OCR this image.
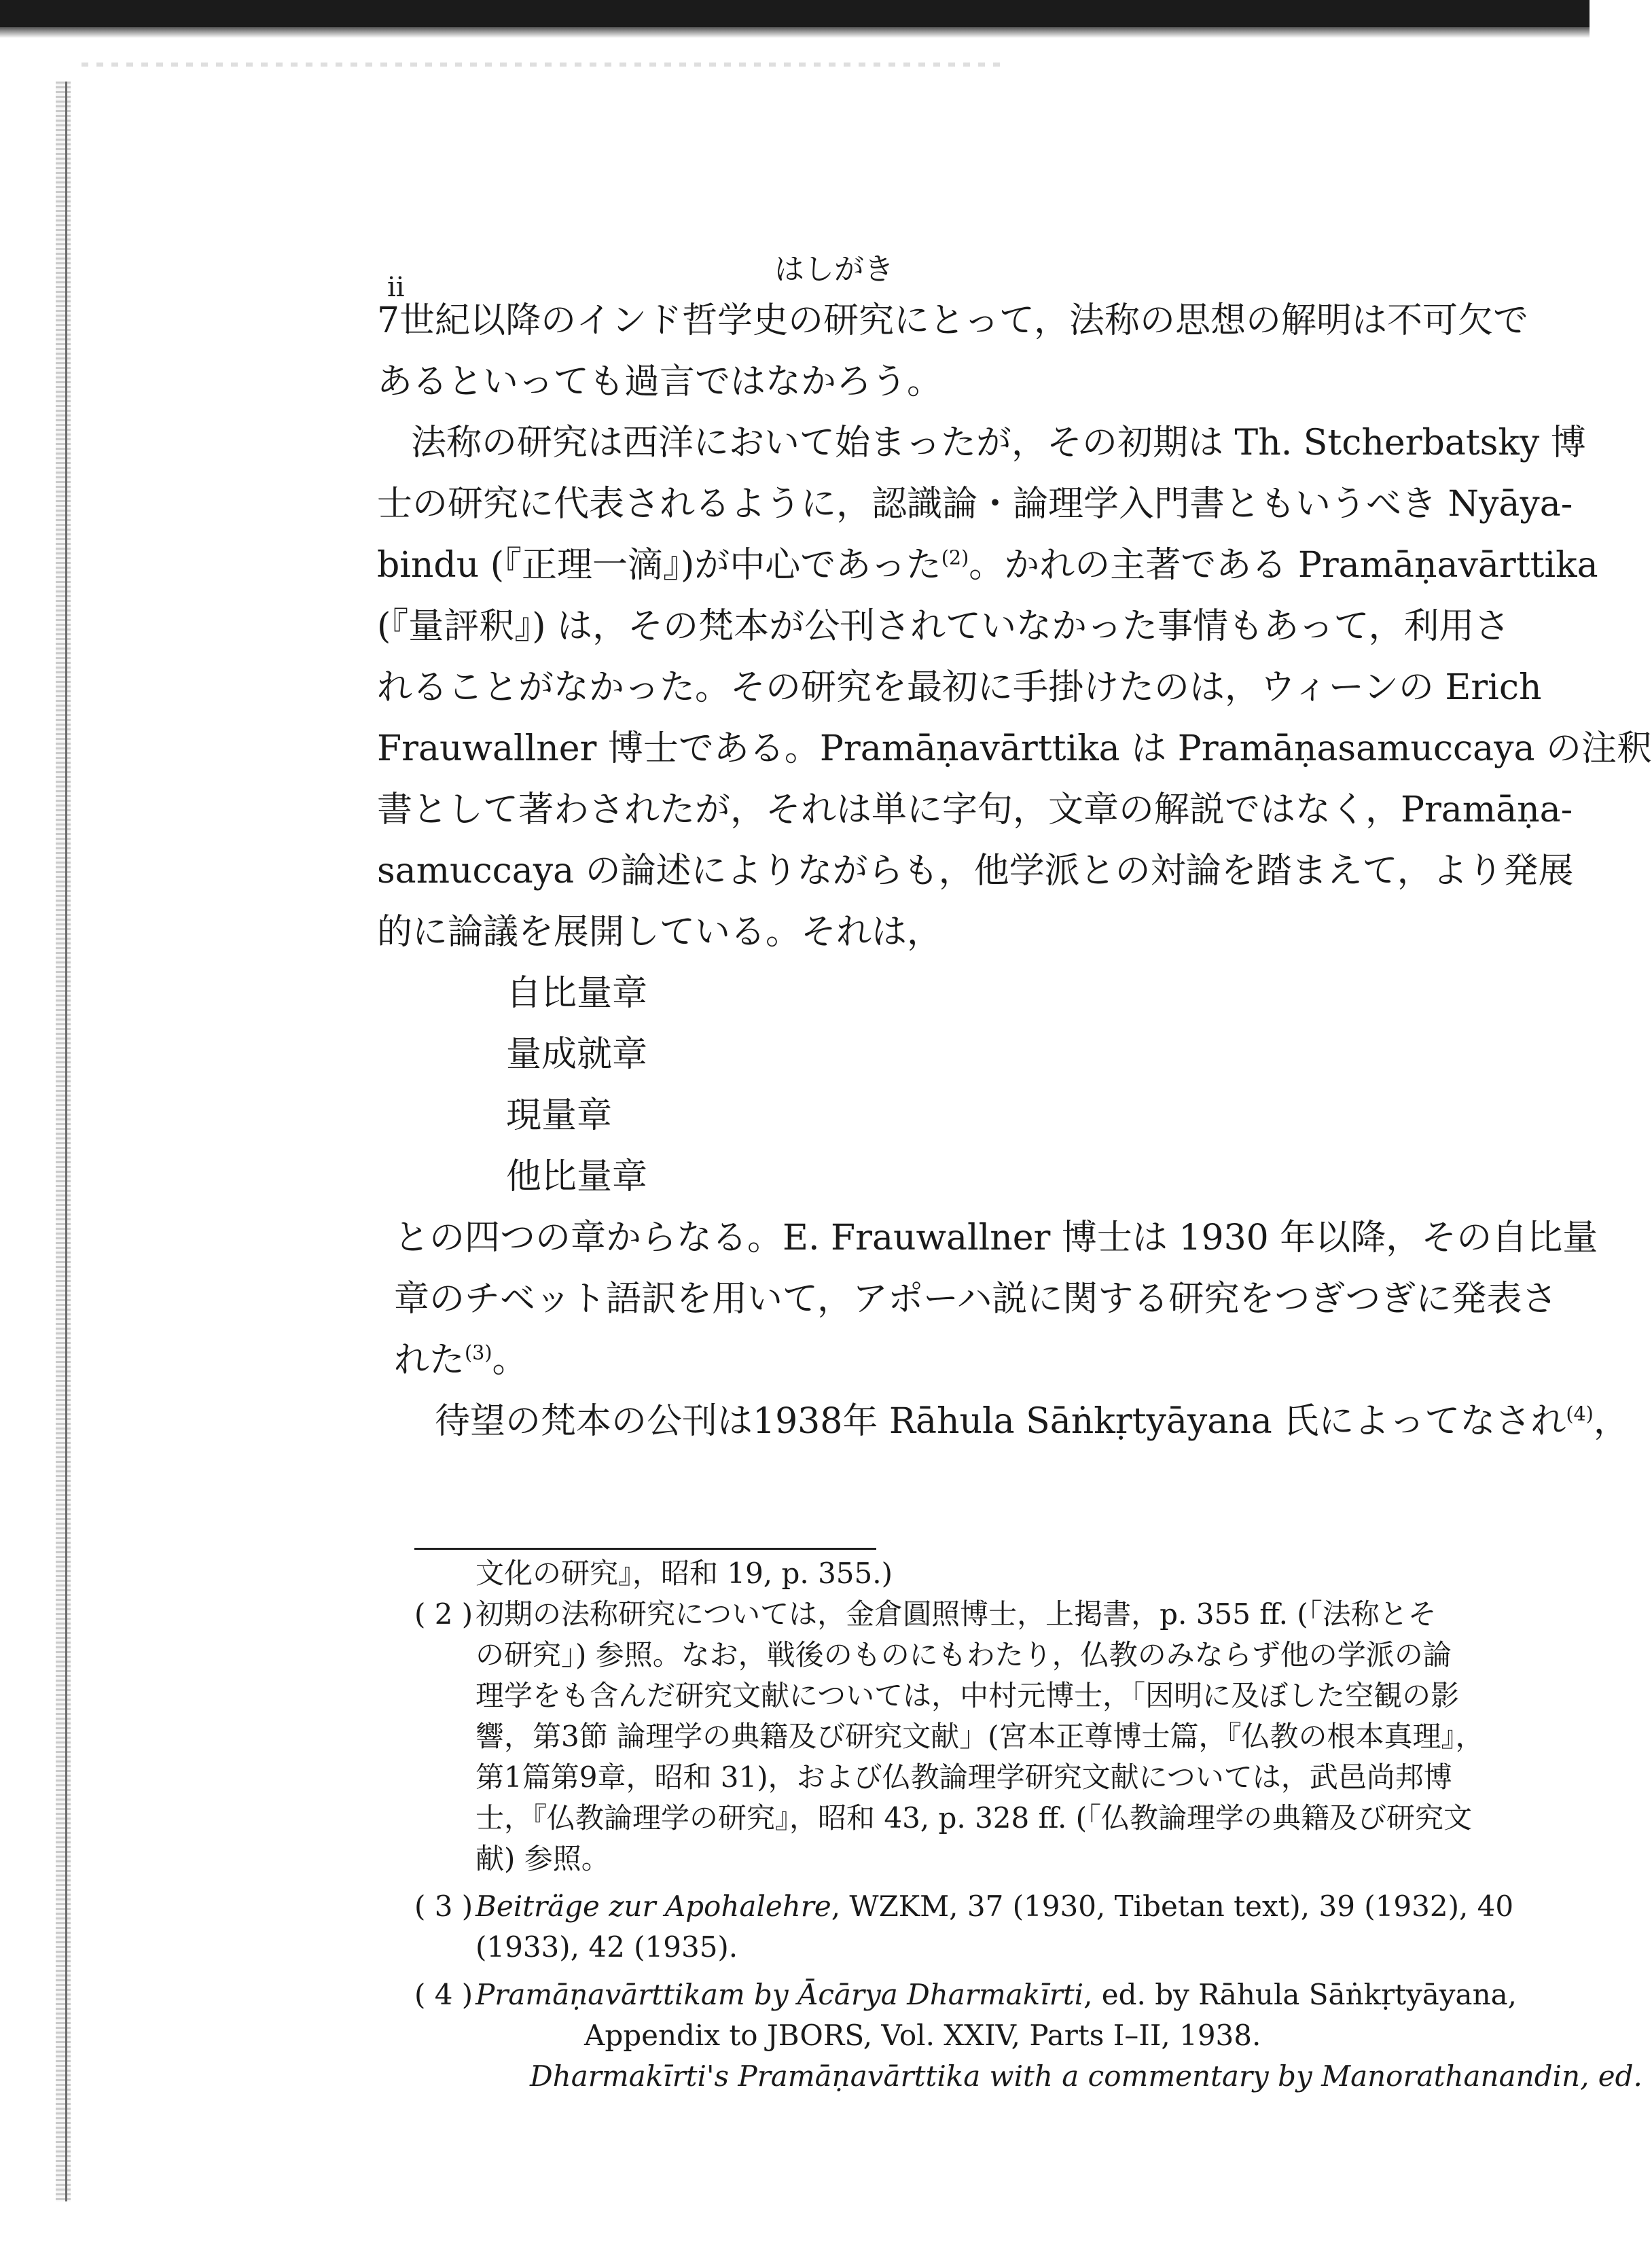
ii
はしがき
7世紀以降のインド哲学史の研究にとって，法称の思想の解明は不可欠で
あるといっても過言ではなかろう。
法称の研究は西洋において始まったが，その初期は Th. Stcherbatsky 博
士の研究に代表されるように，認識論・論理学入門書ともいうべき Nyāya-
bindu (『正理一滴』)が中心であった$^{(2)}$。かれの主著である Pramāṇavārttika
(『量評釈』) は，その梵本が公刊されていなかった事情もあって，利用さ
れることがなかった。その研究を最初に手掛けたのは，ウィーンの Erich
Frauwallner 博士である。Pramāṇavārttika は Pramāṇasamuccaya の注釈
書として著わされたが，それは単に字句，文章の解説ではなく，Pramāṇa-
samuccaya の論述によりながらも，他学派との対論を踏まえて，より発展
的に論議を展開している。それは，
自比量章
量成就章
現量章
他比量章
との四つの章からなる。E. Frauwallner 博士は 1930 年以降，その自比量
章のチベット語訳を用いて，アポーハ説に関する研究をつぎつぎに発表さ
れた$^{(3)}$。
待望の梵本の公刊は1938年 Rāhula Sāṅkṛtyāyana 氏によってなされ$^{(4)}$，
文化の研究』，昭和 19, p. 355.)
( 2 )初期の法称研究については，金倉圓照博士，上掲書，p. 355 ff. (「法称とそ
の研究」) 参照。なお，戦後のものにもわたり，仏教のみならず他の学派の論
理学をも含んだ研究文献については，中村元博士，「因明に及ぼした空観の影
響，第3節 論理学の典籍及び研究文献」(宮本正尊博士篇，『仏教の根本真理』，
第1篇第9章，昭和 31)，および仏教論理学研究文献については，武邑尚邦博
士，『仏教論理学の研究』，昭和 43, p. 328 ff. (「仏教論理学の典籍及び研究文
献) 参照。
( 3 )Beiträge zur Apohalehre, WZKM, 37 (1930, Tibetan text), 39 (1932), 40
(1933), 42 (1935).
( 4 )Pramāṇavārttikam by Ācārya Dharmakīrti, ed. by Rāhula Sāṅkṛtyāyana,
Appendix to JBORS, Vol. XXIV, Parts I–II, 1938.
Dharmakīrti's Pramāṇavārttika with a commentary by Manorathanandin, ed.
